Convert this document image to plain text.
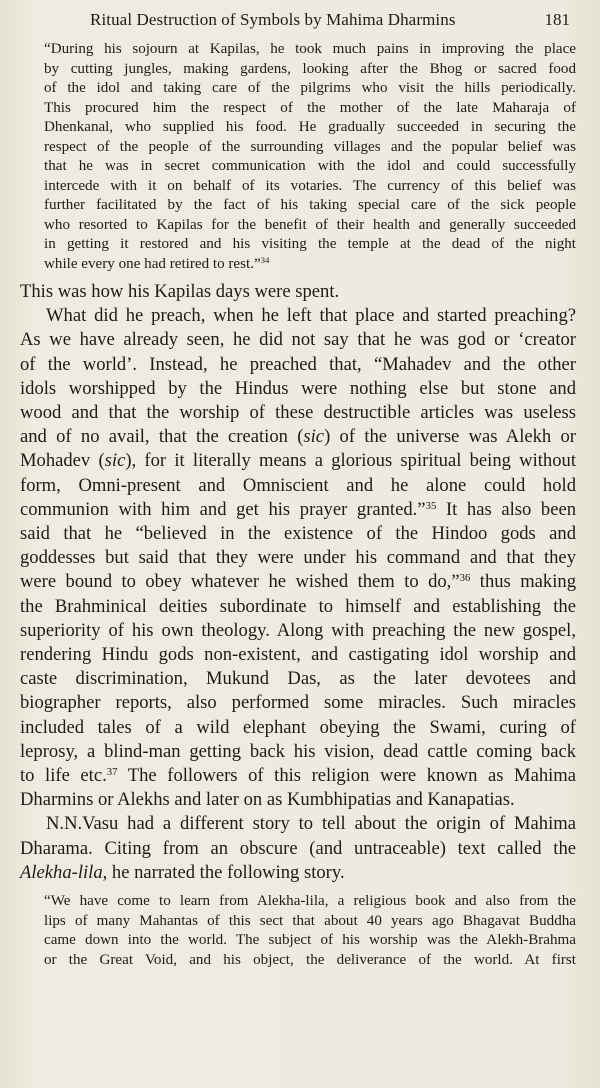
Ritual Destruction of Symbols by Mahima Dharmins	181

“During his sojourn at Kapilas, he took much pains in improving the place
by cutting jungles, making gardens, looking after the Bhog or sacred food
of the idol and taking care of the pilgrims who visit the hills periodically.
This procured him the respect of the mother of the late Maharaja of
Dhenkanal, who supplied his food. He gradually succeeded in securing the
respect of the people of the surrounding villages and the popular belief was
that he was in secret communication with the idol and could successfully
intercede with it on behalf of its votaries. The currency of this belief was
further facilitated by the fact of his taking special care of the sick people
who resorted to Kapilas for the benefit of their health and generally succeeded
in getting it restored and his visiting the temple at the dead of the night
while every one had retired to rest.”$^{34}$

This was how his Kapilas days were spent.

What did he preach, when he left that place and started preaching?
As we have already seen, he did not say that he was god or ‘creator
of the world’. Instead, he preached that, “Mahadev and the other
idols worshipped by the Hindus were nothing else but stone and
wood and that the worship of these destructible articles was useless
and of no avail, that the creation (sic) of the universe was Alekh or
Mohadev (sic), for it literally means a glorious spiritual being without
form, Omni-present and Omniscient and he alone could hold
communion with him and get his prayer granted.”$^{35}$ It has also been
said that he “believed in the existence of the Hindoo gods and
goddesses but said that they were under his command and that they
were bound to obey whatever he wished them to do,”$^{36}$ thus making
the Brahminical deities subordinate to himself and establishing the
superiority of his own theology. Along with preaching the new gospel,
rendering Hindu gods non-existent, and castigating idol worship and
caste discrimination, Mukund Das, as the later devotees and
biographer reports, also performed some miracles. Such miracles
included tales of a wild elephant obeying the Swami, curing of
leprosy, a blind-man getting back his vision, dead cattle coming back
to life etc.$^{37}$ The followers of this religion were known as Mahima
Dharmins or Alekhs and later on as Kumbhipatias and Kanapatias.

N.N.Vasu had a different story to tell about the origin of Mahima
Dharama. Citing from an obscure (and untraceable) text called the
Alekha-lila, he narrated the following story.

“We have come to learn from Alekha-lila, a religious book and also from the
lips of many Mahantas of this sect that about 40 years ago Bhagavat Buddha
came down into the world. The subject of his worship was the Alekh-Brahma
or the Great Void, and his object, the deliverance of the world. At first
